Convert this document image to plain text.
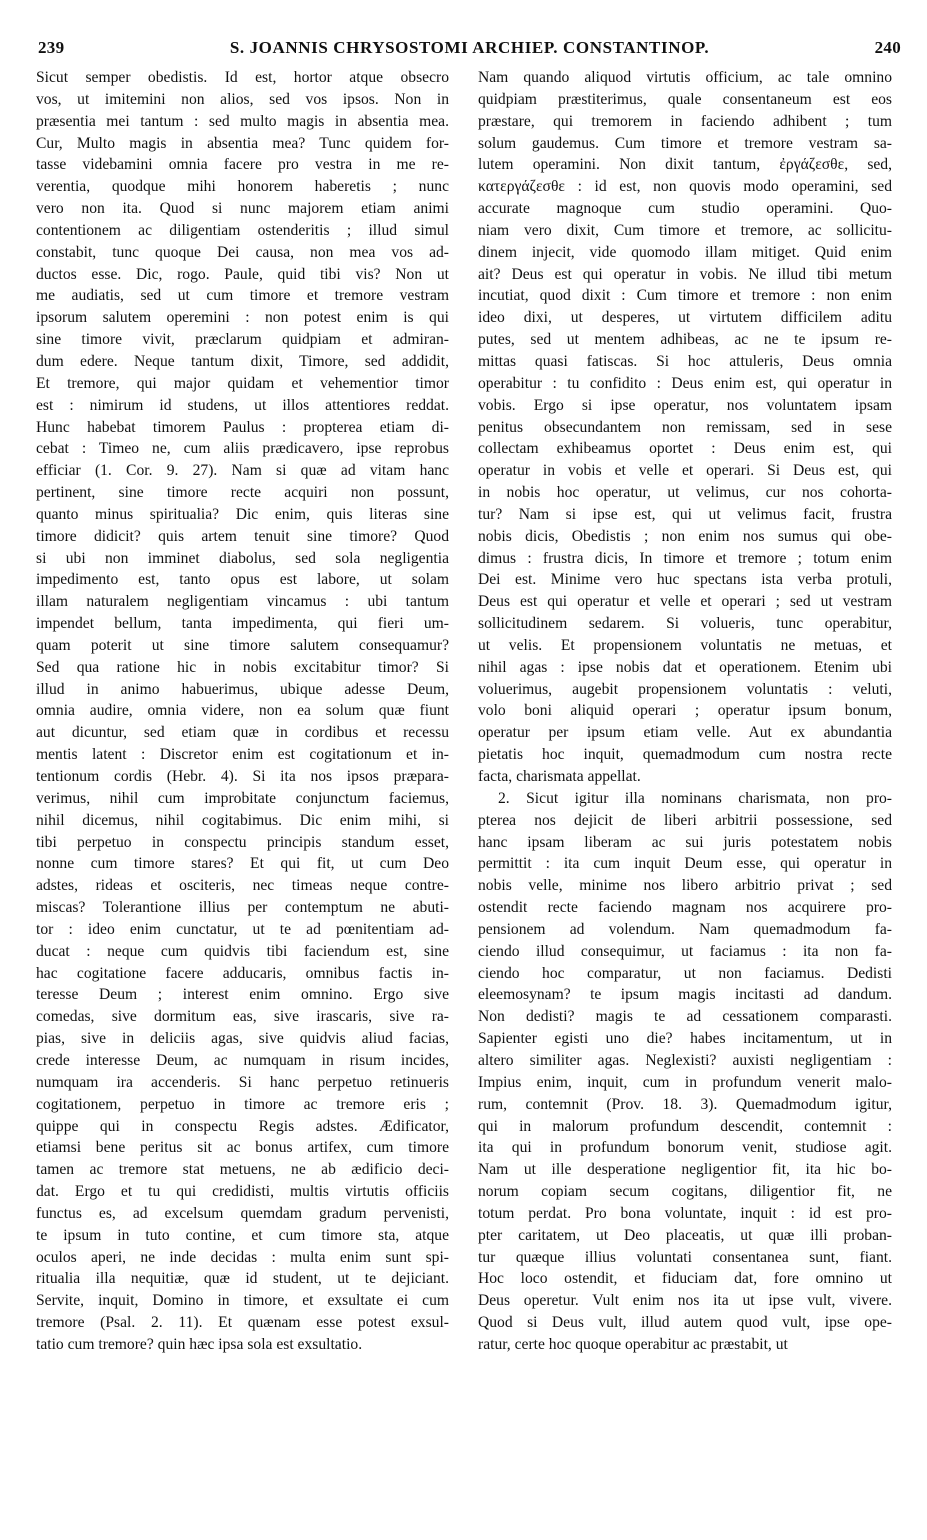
239	S. JOANNIS CHRYSOSTOMI ARCHIEP. CONSTANTINOP.	240
Sicut semper obedistis. Id est, hortor atque obsecro
vos, ut imitemini non alios, sed vos ipsos. Non in
præsentia mei tantum : sed multo magis in absentia mea.
Cur, Multo magis in absentia mea? Tunc quidem for-
tasse videbamini omnia facere pro vestra in me re-
verentia, quodque mihi honorem haberetis ; nunc
vero non ita. Quod si nunc majorem etiam animi
contentionem ac diligentiam ostenderitis ; illud simul
constabit, tunc quoque Dei causa, non mea vos ad-
ductos esse. Dic, rogo. Paule, quid tibi vis? Non ut
me audiatis, sed ut cum timore et tremore vestram
ipsorum salutem operemini : non potest enim is qui
sine timore vivit, præclarum quidpiam et admiran-
dum edere. Neque tantum dixit, Timore, sed addidit,
Et tremore, qui major quidam et vehementior timor
est : nimirum id studens, ut illos attentiores reddat.
Hunc habebat timorem Paulus : propterea etiam di-
cebat : Timeo ne, cum aliis prædicavero, ipse reprobus
efficiar (1. Cor. 9. 27). Nam si quæ ad vitam hanc
pertinent, sine timore recte acquiri non possunt,
quanto minus spiritualia? Dic enim, quis literas sine
timore didicit? quis artem tenuit sine timore? Quod
si ubi non imminet diabolus, sed sola negligentia
impedimento est, tanto opus est labore, ut solam
illam naturalem negligentiam vincamus : ubi tantum
impendet bellum, tanta impedimenta, qui fieri um-
quam poterit ut sine timore salutem consequamur?
Sed qua ratione hic in nobis excitabitur timor? Si
illud in animo habuerimus, ubique adesse Deum,
omnia audire, omnia videre, non ea solum quæ fiunt
aut dicuntur, sed etiam quæ in cordibus et recessu
mentis latent : Discretor enim est cogitationum et in-
tentionum cordis (Hebr. 4). Si ita nos ipsos præpara-
verimus, nihil cum improbitate conjunctum faciemus,
nihil dicemus, nihil cogitabimus. Dic enim mihi, si
tibi perpetuo in conspectu principis standum esset,
nonne cum timore stares? Et qui fit, ut cum Deo
adstes, rideas et osciteris, nec timeas neque contre-
miscas? Tolerantione illius per contemptum ne abuti-
tor : ideo enim cunctatur, ut te ad pœnitentiam ad-
ducat : neque cum quidvis tibi faciendum est, sine
hac cogitatione facere adducaris, omnibus factis in-
teresse Deum ; interest enim omnino. Ergo sive
comedas, sive dormitum eas, sive irascaris, sive ra-
pias, sive in deliciis agas, sive quidvis aliud facias,
crede interesse Deum, ac numquam in risum incides,
numquam ira accenderis. Si hanc perpetuo retinueris
cogitationem, perpetuo in timore ac tremore eris ;
quippe qui in conspectu Regis adstes. Ædificator,
etiamsi bene peritus sit ac bonus artifex, cum timore
tamen ac tremore stat metuens, ne ab ædificio deci-
dat. Ergo et tu qui credidisti, multis virtutis officiis
functus es, ad excelsum quemdam gradum pervenisti,
te ipsum in tuto contine, et cum timore sta, atque
oculos aperi, ne inde decidas : multa enim sunt spi-
ritualia illa nequitiæ, quæ id student, ut te dejiciant.
Servite, inquit, Domino in timore, et exsultate ei cum
tremore (Psal. 2. 11). Et quænam esse potest exsul-
tatio cum tremore? quin hæc ipsa sola est exsultatio.
Nam quando aliquod virtutis officium, ac tale omnino
quidpiam præstiterimus, quale consentaneum est eos
præstare, qui tremorem in faciendo adhibent ; tum
solum gaudemus. Cum timore et tremore vestram sa-
lutem operamini. Non dixit tantum, ἐργάζεσθε, sed,
κατεργάζεσθε : id est, non quovis modo operamini, sed
accurate magnoque cum studio operamini. Quo-
niam vero dixit, Cum timore et tremore, ac sollicitu-
dinem injecit, vide quomodo illam mitiget. Quid enim
ait? Deus est qui operatur in vobis. Ne illud tibi metum
incutiat, quod dixit : Cum timore et tremore : non enim
ideo dixi, ut desperes, ut virtutem difficilem aditu
putes, sed ut mentem adhibeas, ac ne te ipsum re-
mittas quasi fatiscas. Si hoc attuleris, Deus omnia
operabitur : tu confidito : Deus enim est, qui operatur in
vobis. Ergo si ipse operatur, nos voluntatem ipsam
penitus obsecundantem non remissam, sed in sese
collectam exhibeamus oportet : Deus enim est, qui
operatur in vobis et velle et operari. Si Deus est, qui
in nobis hoc operatur, ut velimus, cur nos cohorta-
tur? Nam si ipse est, qui ut velimus facit, frustra
nobis dicis, Obedistis ; non enim nos sumus qui obe-
dimus : frustra dicis, In timore et tremore ; totum enim
Dei est. Minime vero huc spectans ista verba protuli,
Deus est qui operatur et velle et operari ; sed ut vestram
sollicitudinem sedarem. Si volueris, tunc operabitur,
ut velis. Et propensionem voluntatis ne metuas, et
nihil agas : ipse nobis dat et operationem. Etenim ubi
voluerimus, augebit propensionem voluntatis : veluti,
volo boni aliquid operari ; operatur ipsum bonum,
operatur per ipsum etiam velle. Aut ex abundantia
pietatis hoc inquit, quemadmodum cum nostra recte
facta, charismata appellat.
2. Sicut igitur illa nominans charismata, non pro-
pterea nos dejicit de liberi arbitrii possessione, sed
hanc ipsam liberam ac sui juris potestatem nobis
permittit : ita cum inquit Deum esse, qui operatur in
nobis velle, minime nos libero arbitrio privat ; sed
ostendit recte faciendo magnam nos acquirere pro-
pensionem ad volendum. Nam quemadmodum fa-
ciendo illud consequimur, ut faciamus : ita non fa-
ciendo hoc comparatur, ut non faciamus. Dedisti
eleemosynam? te ipsum magis incitasti ad dandum.
Non dedisti? magis te ad cessationem comparasti.
Sapienter egisti uno die? habes incitamentum, ut in
altero similiter agas. Neglexisti? auxisti negligentiam :
Impius enim, inquit, cum in profundum venerit malo-
rum, contemnit (Prov. 18. 3). Quemadmodum igitur,
qui in malorum profundum descendit, contemnit :
ita qui in profundum bonorum venit, studiose agit.
Nam ut ille desperatione negligentior fit, ita hic bo-
norum copiam secum cogitans, diligentior fit, ne
totum perdat. Pro bona voluntate, inquit : id est pro-
pter caritatem, ut Deo placeatis, ut quæ illi proban-
tur quæque illius voluntati consentanea sunt, fiant.
Hoc loco ostendit, et fiduciam dat, fore omnino ut
Deus operetur. Vult enim nos ita ut ipse vult, vivere.
Quod si Deus vult, illud autem quod vult, ipse ope-
ratur, certe hoc quoque operabitur ac præstabit, ut
